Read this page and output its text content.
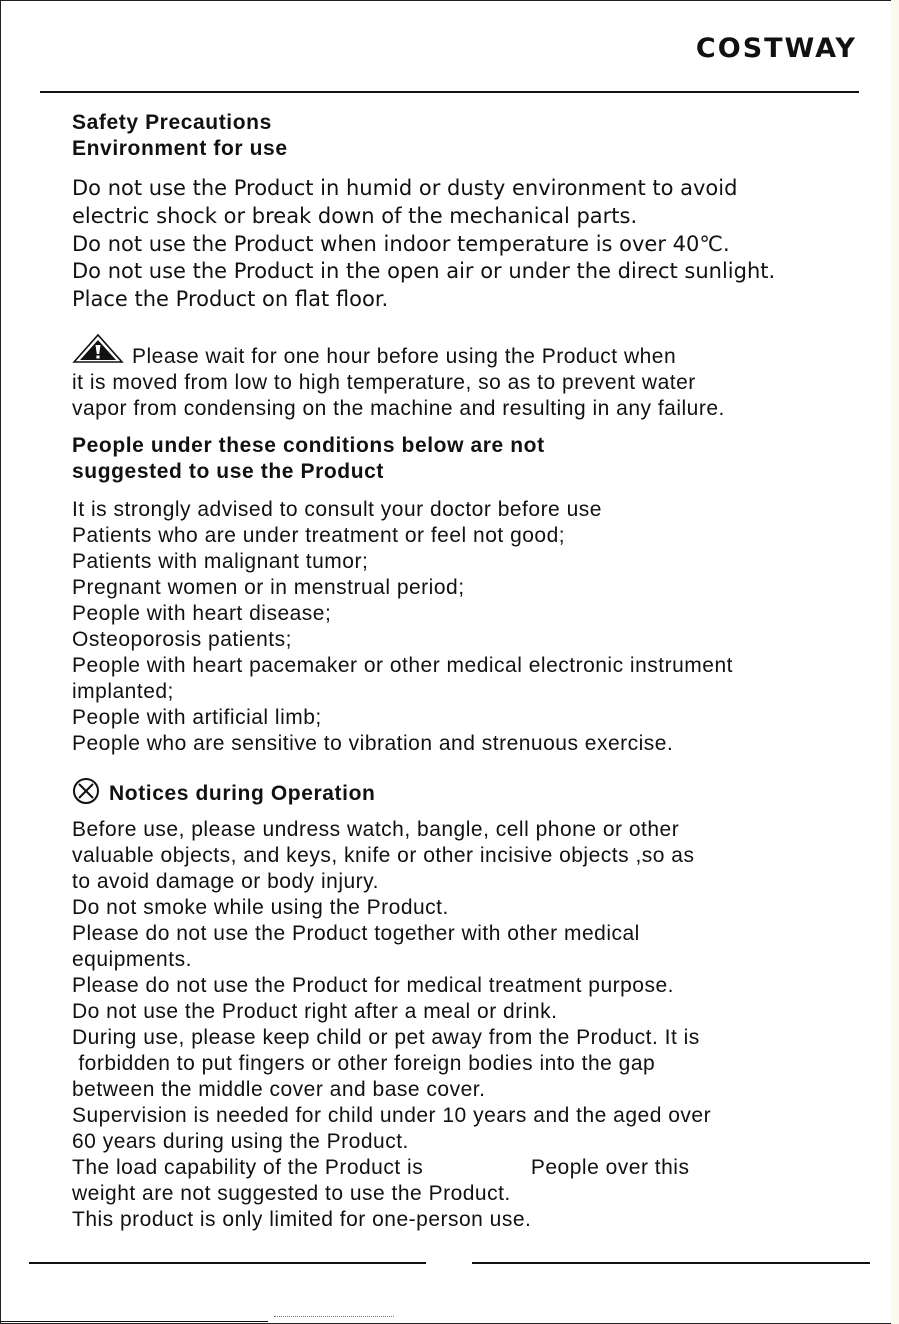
COSTWAY
Safety Precautions
Environment for use
Do not use the Product in humid or dusty environment to avoid
electric shock or break down of the mechanical parts.
Do not use the Product when indoor temperature is over 40℃.
Do not use the Product in the open air or under the direct sunlight.
Place the Product on flat floor.
Please wait for one hour before using the Product when
it is moved from low to high temperature, so as to prevent water
vapor from condensing on the machine and resulting in any failure.
People under these conditions below are not
suggested to use the Product
It is strongly advised to consult your doctor before use
Patients who are under treatment or feel not good;
Patients with malignant tumor;
Pregnant women or in menstrual period;
People with heart disease;
Osteoporosis patients;
People with heart pacemaker or other medical electronic instrument
implanted;
People with artificial limb;
People who are sensitive to vibration and strenuous exercise.
Notices during Operation
Before use, please undress watch, bangle, cell phone or other
valuable objects, and keys, knife or other incisive objects ,so as
to avoid damage or body injury.
Do not smoke while using the Product.
Please do not use the Product together with other medical
equipments.
Please do not use the Product for medical treatment purpose.
Do not use the Product right after a meal or drink.
During use, please keep child or pet away from the Product. It is
forbidden to put fingers or other foreign bodies into the gap
between the middle cover and base cover.
Supervision is needed for child under 10 years and the aged over
60 years during using the Product.
The load capability of the Product is                 People over this
weight are not suggested to use the Product.
This product is only limited for one-person use.
